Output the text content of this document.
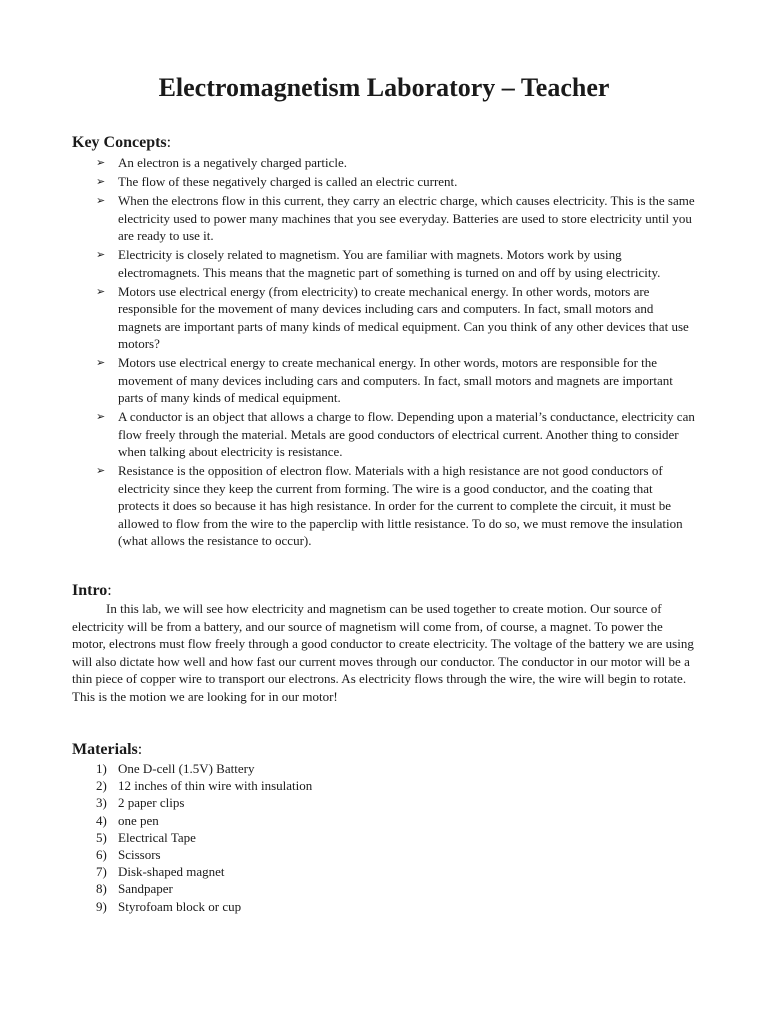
Electromagnetism Laboratory – Teacher
Key Concepts:
➢ An electron is a negatively charged particle.
➢ The flow of these negatively charged is called an electric current.
➢ When the electrons flow in this current, they carry an electric charge, which causes electricity. This is the same electricity used to power many machines that you see everyday. Batteries are used to store electricity until you are ready to use it.
➢ Electricity is closely related to magnetism. You are familiar with magnets. Motors work by using electromagnets. This means that the magnetic part of something is turned on and off by using electricity.
➢ Motors use electrical energy (from electricity) to create mechanical energy. In other words, motors are responsible for the movement of many devices including cars and computers. In fact, small motors and magnets are important parts of many kinds of medical equipment. Can you think of any other devices that use motors?
➢ Motors use electrical energy to create mechanical energy. In other words, motors are responsible for the movement of many devices including cars and computers. In fact, small motors and magnets are important parts of many kinds of medical equipment.
➢ A conductor is an object that allows a charge to flow. Depending upon a material’s conductance, electricity can flow freely through the material. Metals are good conductors of electrical current. Another thing to consider when talking about electricity is resistance.
➢ Resistance is the opposition of electron flow. Materials with a high resistance are not good conductors of electricity since they keep the current from forming. The wire is a good conductor, and the coating that protects it does so because it has high resistance. In order for the current to complete the circuit, it must be allowed to flow from the wire to the paperclip with little resistance. To do so, we must remove the insulation (what allows the resistance to occur).
Intro:

In this lab, we will see how electricity and magnetism can be used together to create motion. Our source of electricity will be from a battery, and our source of magnetism will come from, of course, a magnet. To power the motor, electrons must flow freely through a good conductor to create electricity. The voltage of the battery we are using will also dictate how well and how fast our current moves through our conductor. The conductor in our motor will be a thin piece of copper wire to transport our electrons. As electricity flows through the wire, the wire will begin to rotate. This is the motion we are looking for in our motor!

Materials:
1) One D-cell (1.5V) Battery
2) 12 inches of thin wire with insulation
3) 2 paper clips
4) one pen
5) Electrical Tape
6) Scissors
7) Disk-shaped magnet
8) Sandpaper
9) Styrofoam block or cup
